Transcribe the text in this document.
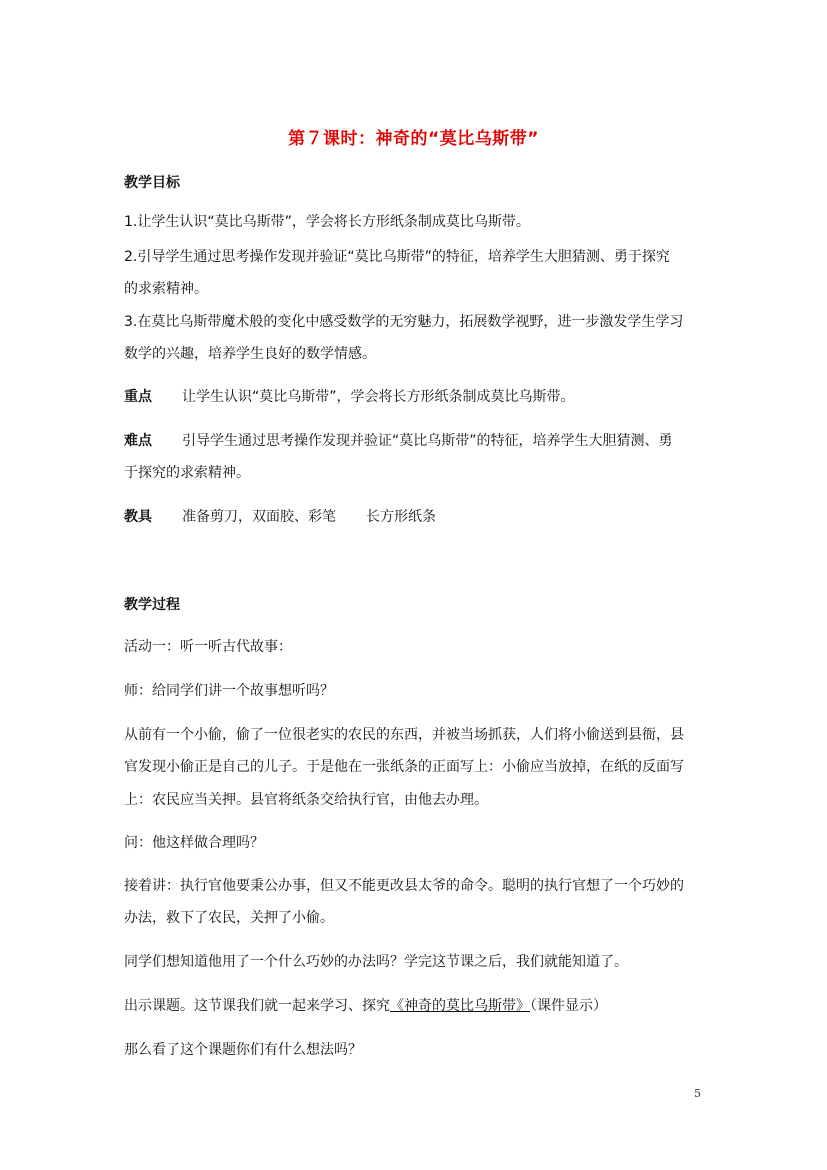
第７课时：神奇的“莫比乌斯带”
教学目标
1.让学生认识“莫比乌斯带”，学会将长方形纸条制成莫比乌斯带。
2.引导学生通过思考操作发现并验证“莫比乌斯带”的特征，培养学生大胆猜测、勇于探究
的求索精神。
3.在莫比乌斯带魔术般的变化中感受数学的无穷魅力，拓展数学视野，进一步激发学生学习
数学的兴趣，培养学生良好的数学情感。
重点 让学生认识“莫比乌斯带”，学会将长方形纸条制成莫比乌斯带。
难点 引导学生通过思考操作发现并验证“莫比乌斯带”的特征，培养学生大胆猜测、勇
于探究的求索精神。
教具 准备剪刀，双面胶、彩笔 长方形纸条
教学过程
活动一：听一听古代故事：
师：给同学们讲一个故事想听吗？
从前有一个小偷，偷了一位很老实的农民的东西，并被当场抓获，人们将小偷送到县衙，县
官发现小偷正是自己的儿子。于是他在一张纸条的正面写上：小偷应当放掉，在纸的反面写
上：农民应当关押。县官将纸条交给执行官，由他去办理。
问：他这样做合理吗？
接着讲：执行官他要秉公办事，但又不能更改县太爷的命令。聪明的执行官想了一个巧妙的
办法，救下了农民，关押了小偷。
同学们想知道他用了一个什么巧妙的办法吗？学完这节课之后，我们就能知道了。
出示课题。这节课我们就一起来学习、探究《神奇的莫比乌斯带》（课件显示）
那么看了这个课题你们有什么想法吗？
5
